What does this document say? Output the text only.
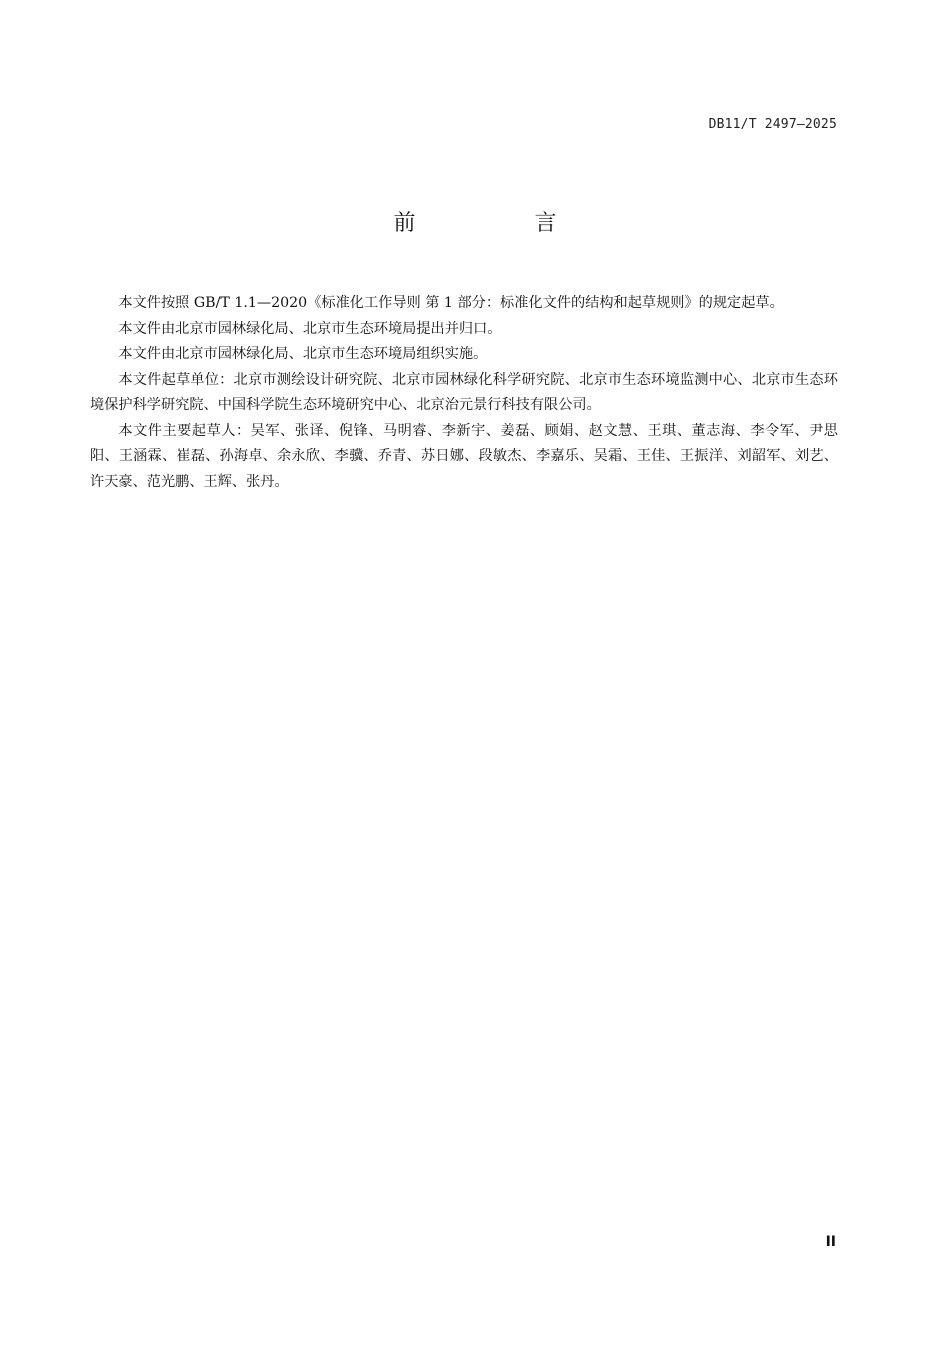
DB11/T 2497—2025
前 言

本文件按照 GB/T 1.1—2020《标准化工作导则 第 1 部分：标准化文件的结构和起草规则》的规定起草。

本文件由北京市园林绿化局、北京市生态环境局提出并归口。

本文件由北京市园林绿化局、北京市生态环境局组织实施。

本文件起草单位：北京市测绘设计研究院、北京市园林绿化科学研究院、北京市生态环境监测中心、北京市生态环境保护科学研究院、中国科学院生态环境研究中心、北京治元景行科技有限公司。

本文件主要起草人：吴军、张译、倪锋、马明睿、李新宇、姜磊、顾娟、赵文慧、王琪、董志海、李令军、尹思阳、王涵霖、崔磊、孙海卓、余永欣、李骥、乔青、苏日娜、段敏杰、李嘉乐、吴霜、王佳、王振洋、刘韶军、刘艺、许天豪、范光鹏、王辉、张丹。

II
